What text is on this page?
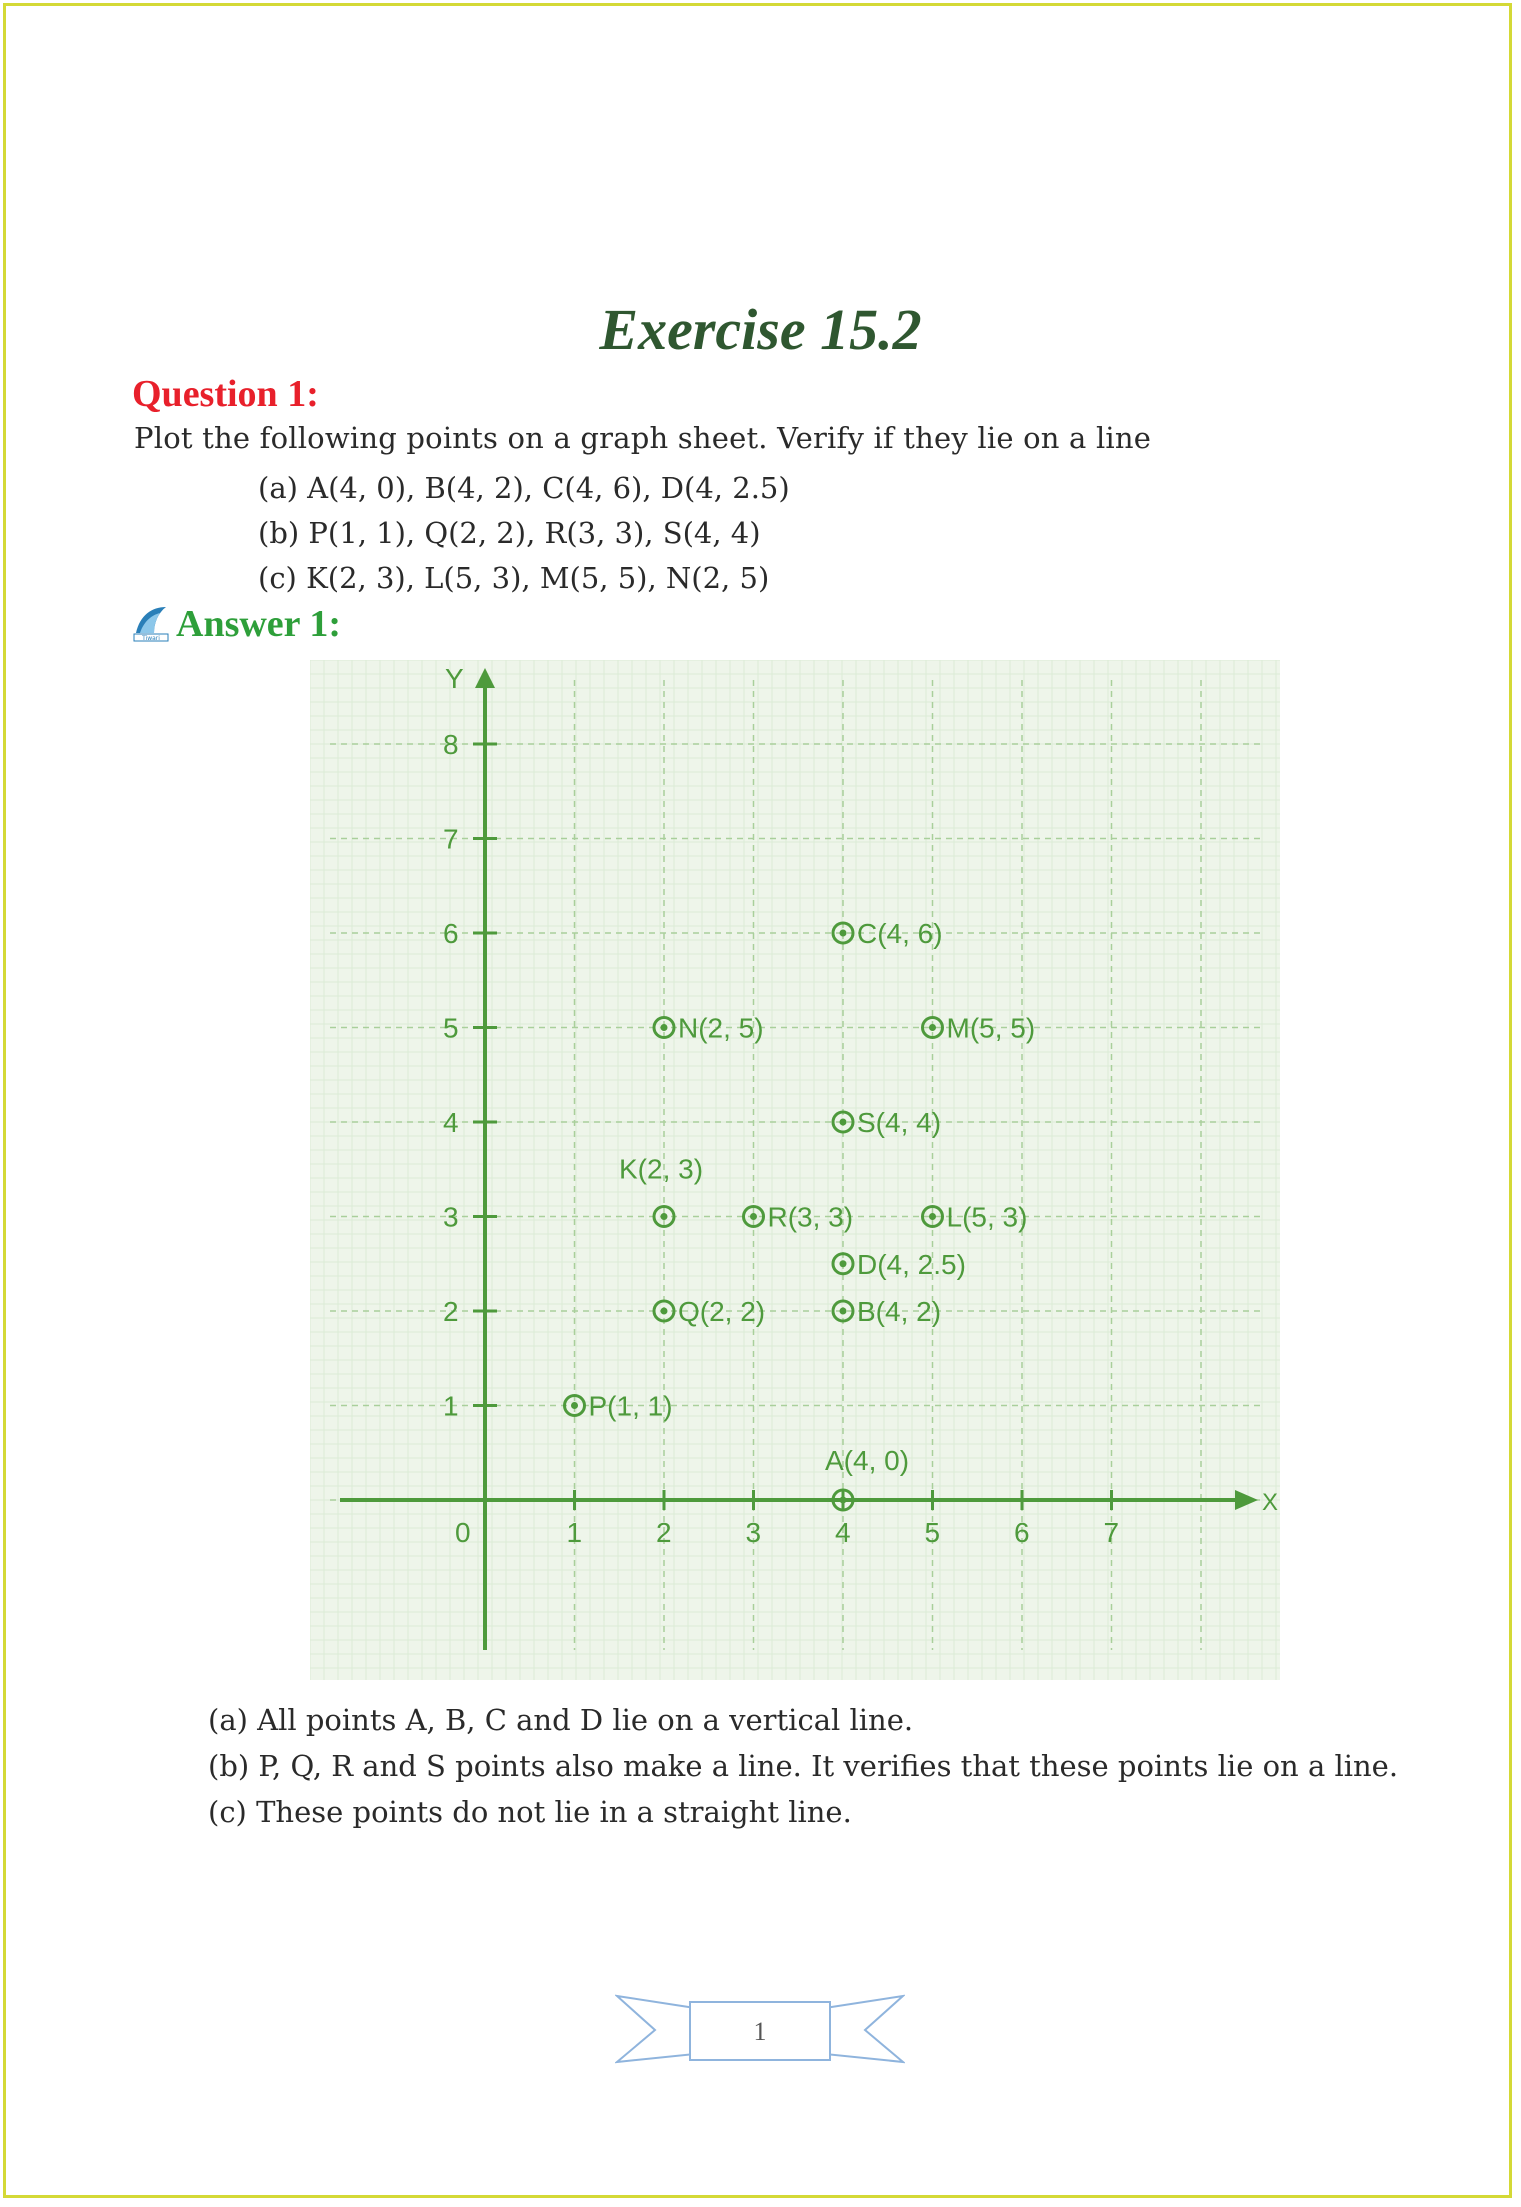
Exercise 15.2
Question 1:
Plot the following points on a graph sheet. Verify if they lie on a line
(a) A(4, 0), B(4, 2), C(4, 6), D(4, 2.5)
(b) P(1, 1), Q(2, 2), R(3, 3), S(4, 4)
(c) K(2, 3), L(5, 3), M(5, 5), N(2, 5)
Tiwari Answer 1:
Y
X
0	1	2	3	4	5	6	7
1
2
3
4
5
6
7
8
A(4, 0)
B(4, 2)
C(4, 6)
D(4, 2.5)
P(1, 1)
Q(2, 2)
R(3, 3)
S(4, 4)
K(2, 3)
L(5, 3)
M(5, 5)
N(2, 5)
(a) All points A, B, C and D lie on a vertical line.
(b) P, Q, R and S points also make a line. It verifies that these points lie on a line.
(c) These points do not lie in a straight line.
1
